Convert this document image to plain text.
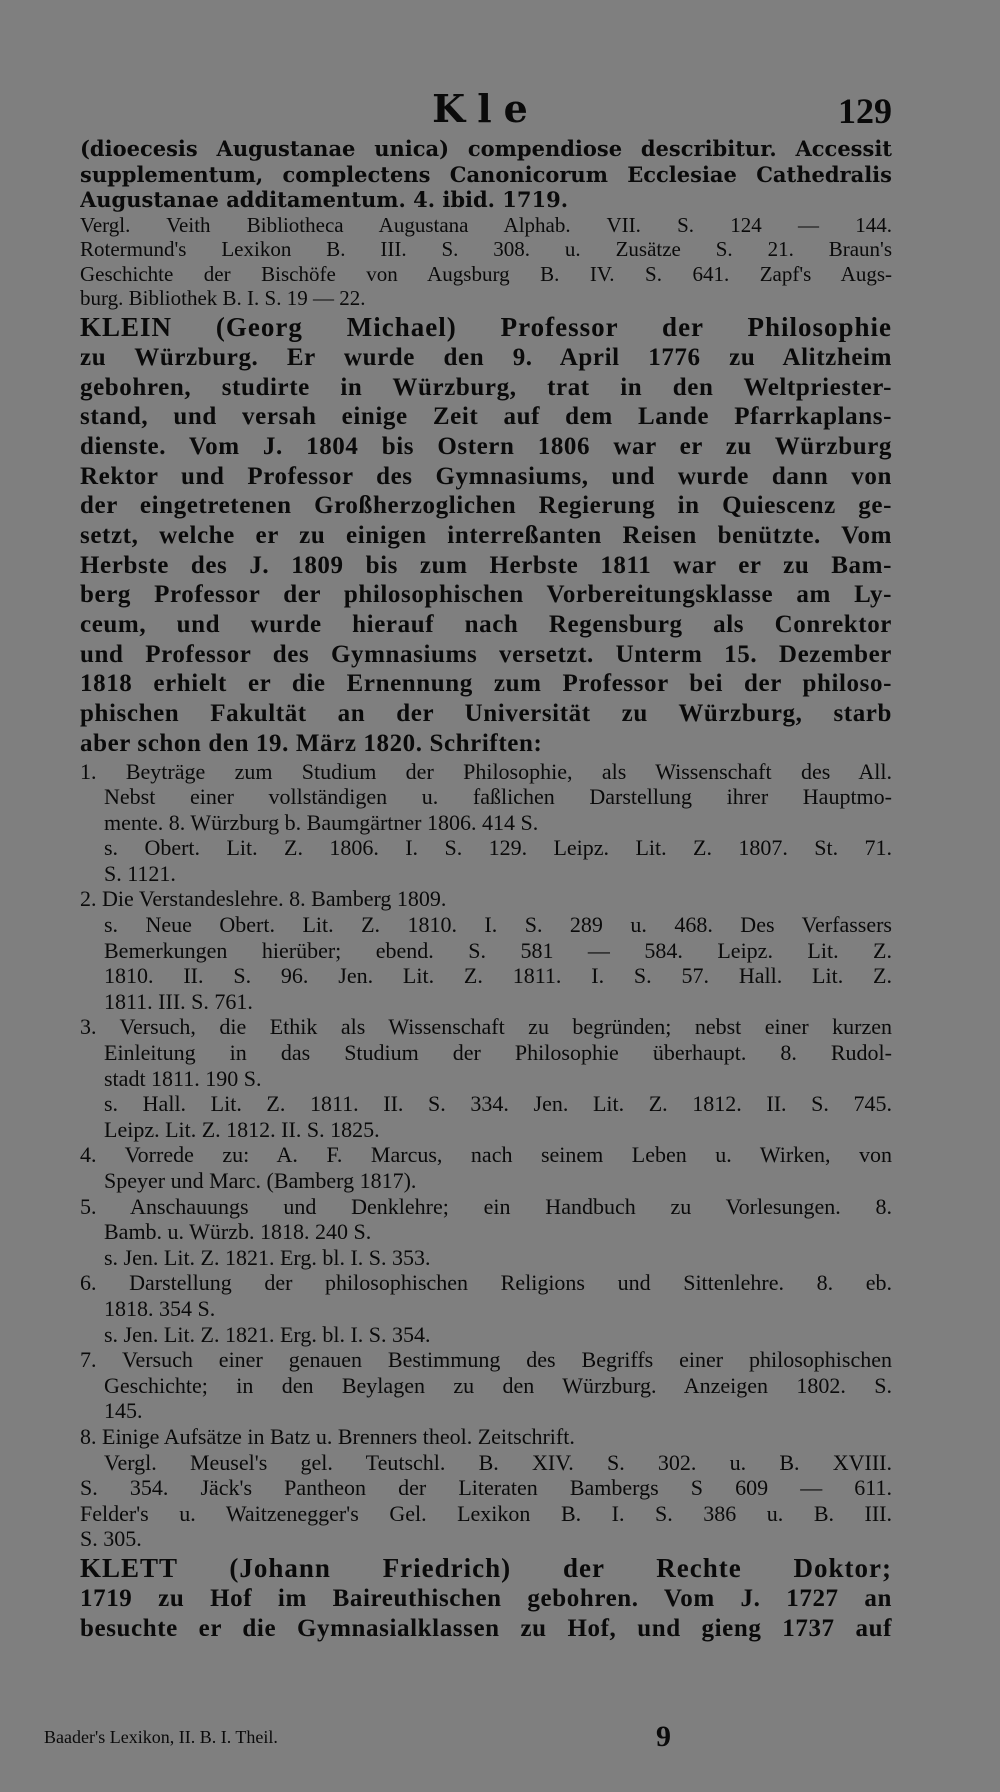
Kle	129
(dioecesis Augustanae unica) compendiose describitur. Accessit
supplementum, complectens Canonicorum Ecclesiae Cathedralis
Augustanae additamentum. 4. ibid. 1719.
Vergl. Veith Bibliotheca Augustana Alphab. VII. S. 124 — 144.
Rotermund's Lexikon B. III. S. 308. u. Zusätze S. 21. Braun's
Geschichte der Bischöfe von Augsburg B. IV. S. 641. Zapf's Augs-
burg. Bibliothek B. I. S. 19 — 22.
KLEIN (Georg Michael) Professor der Philosophie
zu Würzburg. Er wurde den 9. April 1776 zu Alitzheim
gebohren, studirte in Würzburg, trat in den Weltpriester-
stand, und versah einige Zeit auf dem Lande Pfarrkaplans-
dienste. Vom J. 1804 bis Ostern 1806 war er zu Würzburg
Rektor und Professor des Gymnasiums, und wurde dann von
der eingetretenen Großherzoglichen Regierung in Quiescenz ge-
setzt, welche er zu einigen interreßanten Reisen benützte. Vom
Herbste des J. 1809 bis zum Herbste 1811 war er zu Bam-
berg Professor der philosophischen Vorbereitungsklasse am Ly-
ceum, und wurde hierauf nach Regensburg als Conrektor
und Professor des Gymnasiums versetzt. Unterm 15. Dezember
1818 erhielt er die Ernennung zum Professor bei der philoso-
phischen Fakultät an der Universität zu Würzburg, starb
aber schon den 19. März 1820. Schriften:
1. Beyträge zum Studium der Philosophie, als Wissenschaft des All.
Nebst einer vollständigen u. faßlichen Darstellung ihrer Hauptmo-
mente. 8. Würzburg b. Baumgärtner 1806. 414 S.
s. Obert. Lit. Z. 1806. I. S. 129. Leipz. Lit. Z. 1807. St. 71.
S. 1121.
2. Die Verstandeslehre. 8. Bamberg 1809.
s. Neue Obert. Lit. Z. 1810. I. S. 289 u. 468. Des Verfassers
Bemerkungen hierüber; ebend. S. 581 — 584. Leipz. Lit. Z.
1810. II. S. 96. Jen. Lit. Z. 1811. I. S. 57. Hall. Lit. Z.
1811. III. S. 761.
3. Versuch, die Ethik als Wissenschaft zu begründen; nebst einer kurzen
Einleitung in das Studium der Philosophie überhaupt. 8. Rudol-
stadt 1811. 190 S.
s. Hall. Lit. Z. 1811. II. S. 334. Jen. Lit. Z. 1812. II. S. 745.
Leipz. Lit. Z. 1812. II. S. 1825.
4. Vorrede zu: A. F. Marcus, nach seinem Leben u. Wirken, von
Speyer und Marc. (Bamberg 1817).
5. Anschauungs und Denklehre; ein Handbuch zu Vorlesungen. 8.
Bamb. u. Würzb. 1818. 240 S.
s. Jen. Lit. Z. 1821. Erg. bl. I. S. 353.
6. Darstellung der philosophischen Religions und Sittenlehre. 8. eb.
1818. 354 S.
s. Jen. Lit. Z. 1821. Erg. bl. I. S. 354.
7. Versuch einer genauen Bestimmung des Begriffs einer philosophischen
Geschichte; in den Beylagen zu den Würzburg. Anzeigen 1802. S.
145.
8. Einige Aufsätze in Batz u. Brenners theol. Zeitschrift.
Vergl. Meusel's gel. Teutschl. B. XIV. S. 302. u. B. XVIII.
S. 354. Jäck's Pantheon der Literaten Bambergs S 609 — 611.
Felder's u. Waitzenegger's Gel. Lexikon B. I. S. 386 u. B. III.
S. 305.
KLETT (Johann Friedrich) der Rechte Doktor;
1719 zu Hof im Baireuthischen gebohren. Vom J. 1727 an
besuchte er die Gymnasialklassen zu Hof, und gieng 1737 auf
Baader's Lexikon, II. B. I. Theil.	9
